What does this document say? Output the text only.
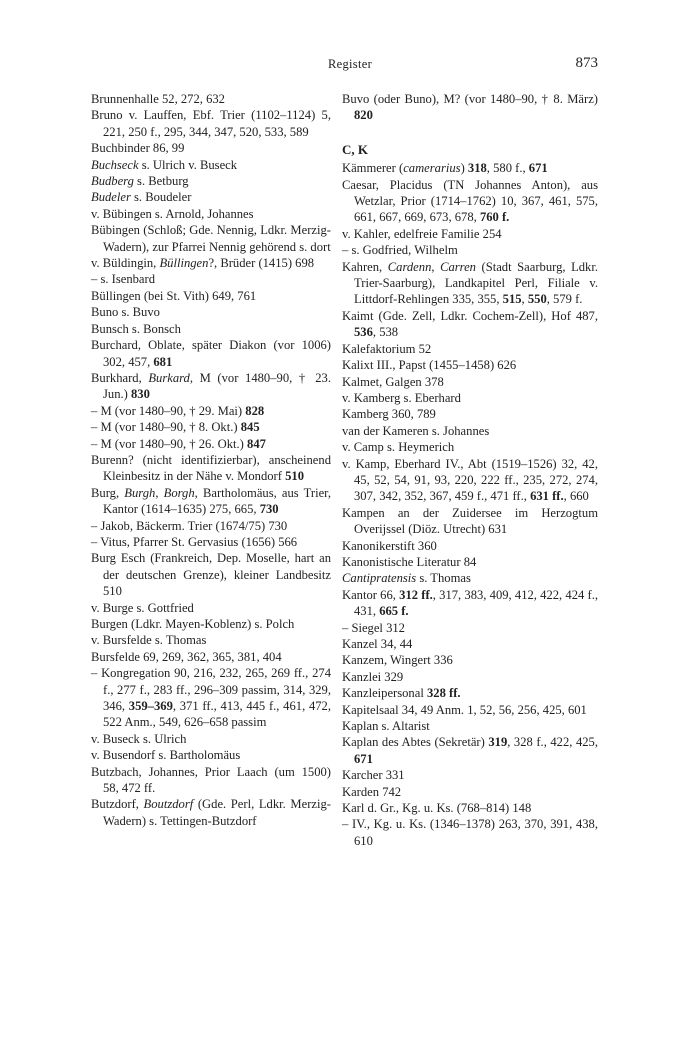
Register	873

Brunnenhalle 52, 272, 632

Bruno v. Lauffen, Ebf. Trier (1102–1124) 5, 221, 250 f., 295, 344, 347, 520, 533, 589

Buchbinder 86, 99

Buchseck s. Ulrich v. Buseck

Budberg s. Betburg

Budeler s. Boudeler

v. Bübingen s. Arnold, Johannes

Bübingen (Schloß; Gde. Nennig, Ldkr. Merzig-Wadern), zur Pfarrei Nennig gehörend s. dort

v. Büldingin, Büllingen?, Brüder (1415) 698

– s. Isenbard

Büllingen (bei St. Vith) 649, 761

Buno s. Buvo

Bunsch s. Bonsch

Burchard, Oblate, später Diakon (vor 1006) 302, 457, 681

Burkhard, Burkard, M (vor 1480–90, † 23. Jun.) 830

– M (vor 1480–90, † 29. Mai) 828

– M (vor 1480–90, † 8. Okt.) 845

– M (vor 1480–90, † 26. Okt.) 847

Burenn? (nicht identifizierbar), anscheinend Kleinbesitz in der Nähe v. Mondorf 510

Burg, Burgh, Borgh, Bartholomäus, aus Trier, Kantor (1614–1635) 275, 665, 730

– Jakob, Bäckerm. Trier (1674/75) 730

– Vitus, Pfarrer St. Gervasius (1656) 566

Burg Esch (Frankreich, Dep. Moselle, hart an der deutschen Grenze), kleiner Landbesitz 510

v. Burge s. Gottfried

Burgen (Ldkr. Mayen-Koblenz) s. Polch

v. Bursfelde s. Thomas

Bursfelde 69, 269, 362, 365, 381, 404

– Kongregation 90, 216, 232, 265, 269 ff., 274 f., 277 f., 283 ff., 296–309 passim, 314, 329, 346, 359–369, 371 ff., 413, 445 f., 461, 472, 522 Anm., 549, 626–658 passim

v. Buseck s. Ulrich

v. Busendorf s. Bartholomäus

Butzbach, Johannes, Prior Laach (um 1500) 58, 472 ff.

Butzdorf, Boutzdorf (Gde. Perl, Ldkr. Merzig-Wadern) s. Tettingen-Butzdorf

Buvo (oder Buno), M? (vor 1480–90, † 8. März) 820

C, K

Kämmerer (camerarius) 318, 580 f., 671

Caesar, Placidus (TN Johannes Anton), aus Wetzlar, Prior (1714–1762) 10, 367, 461, 575, 661, 667, 669, 673, 678, 760 f.

v. Kahler, edelfreie Familie 254

– s. Godfried, Wilhelm

Kahren, Cardenn, Carren (Stadt Saarburg, Ldkr. Trier-Saarburg), Landkapitel Perl, Filiale v. Littdorf-Rehlingen 335, 355, 515, 550, 579 f.

Kaimt (Gde. Zell, Ldkr. Cochem-Zell), Hof 487, 536, 538

Kalefaktorium 52

Kalixt III., Papst (1455–1458) 626

Kalmet, Galgen 378

v. Kamberg s. Eberhard

Kamberg 360, 789

van der Kameren s. Johannes

v. Camp s. Heymerich

v. Kamp, Eberhard IV., Abt (1519–1526) 32, 42, 45, 52, 54, 91, 93, 220, 222 ff., 235, 272, 274, 307, 342, 352, 367, 459 f., 471 ff., 631 ff., 660

Kampen an der Zuidersee im Herzogtum Overijssel (Diöz. Utrecht) 631

Kanonikerstift 360

Kanonistische Literatur 84

Cantipratensis s. Thomas

Kantor 66, 312 ff., 317, 383, 409, 412, 422, 424 f., 431, 665 f.

– Siegel 312

Kanzel 34, 44

Kanzem, Wingert 336

Kanzlei 329

Kanzleipersonal 328 ff.

Kapitelsaal 34, 49 Anm. 1, 52, 56, 256, 425, 601

Kaplan s. Altarist

Kaplan des Abtes (Sekretär) 319, 328 f., 422, 425, 671

Karcher 331

Karden 742

Karl d. Gr., Kg. u. Ks. (768–814) 148

– IV., Kg. u. Ks. (1346–1378) 263, 370, 391, 438, 610
